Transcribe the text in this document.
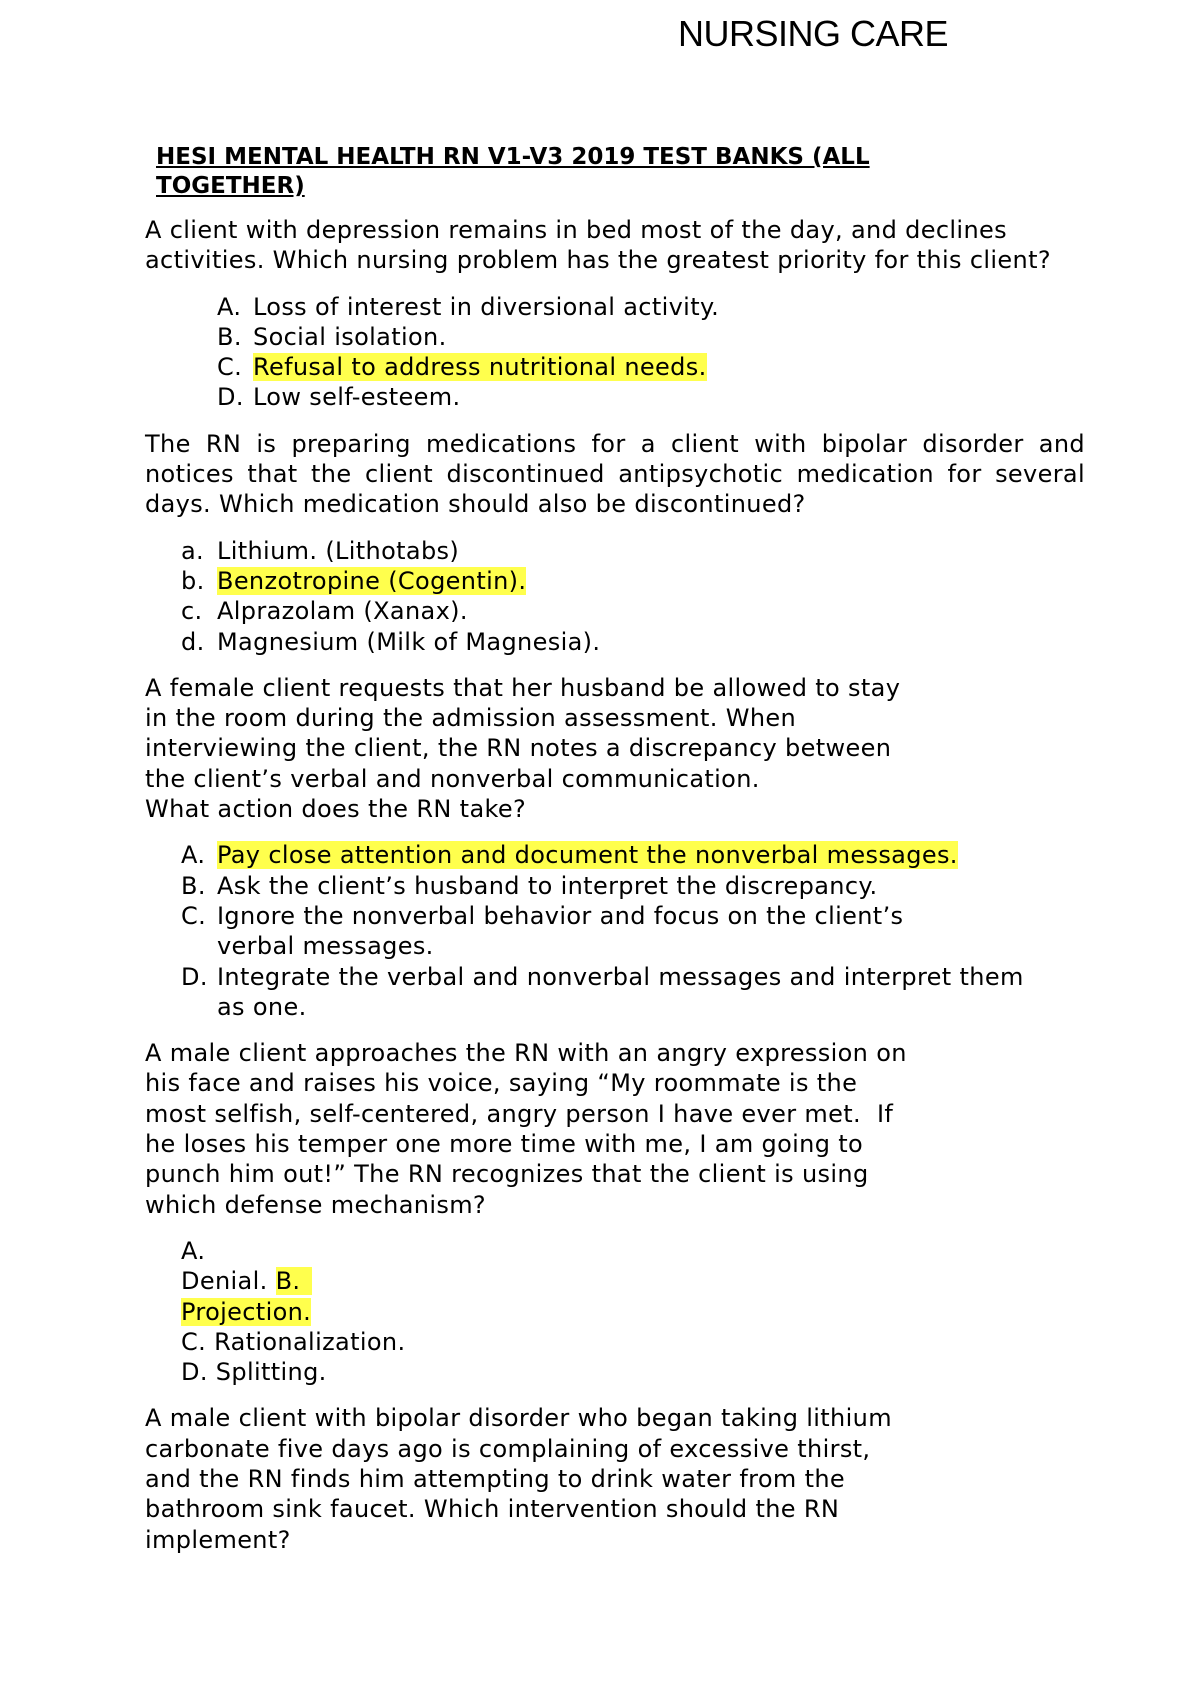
NURSING CARE
HESI MENTAL HEALTH RN V1-V3 2019 TEST BANKS (ALL TOGETHER)

A client with depression remains in bed most of the day, and declines activities. Which nursing problem has the greatest priority for this client?

A. Loss of interest in diversional activity.
B. Social isolation.
C. Refusal to address nutritional needs.
D. Low self-esteem.

The RN is preparing medications for a client with bipolar disorder and notices that the client discontinued antipsychotic medication for several days. Which medication should also be discontinued?

a. Lithium. (Lithotabs)
b. Benzotropine (Cogentin).
c. Alprazolam (Xanax).
d. Magnesium (Milk of Magnesia).

A female client requests that her husband be allowed to stay
in the room during the admission assessment. When
interviewing the client, the RN notes a discrepancy between
the client’s verbal and nonverbal communication.
What action does the RN take?

A. Pay close attention and document the nonverbal messages.
B. Ask the client’s husband to interpret the discrepancy.
C. Ignore the nonverbal behavior and focus on the client’s verbal messages.
D. Integrate the verbal and nonverbal messages and interpret them as one.

A male client approaches the RN with an angry expression on
his face and raises his voice, saying “My roommate is the
most selfish, self-centered, angry person I have ever met.  If
he loses his temper one more time with me, I am going to
punch him out!” The RN recognizes that the client is using
which defense mechanism?

A.
Denial. B.
Projection.
C. Rationalization.
D. Splitting.

A male client with bipolar disorder who began taking lithium
carbonate five days ago is complaining of excessive thirst,
and the RN finds him attempting to drink water from the
bathroom sink faucet. Which intervention should the RN
implement?
